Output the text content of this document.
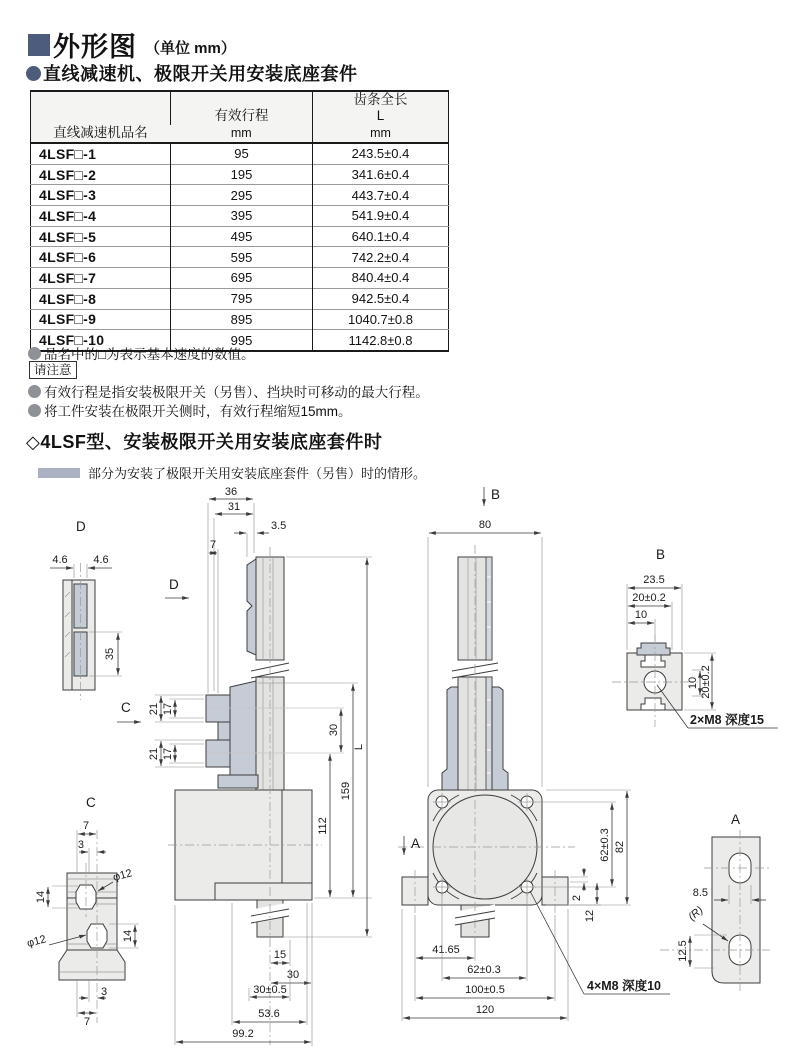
外形图 （单位 mm）
直线减速机、极限开关用安装底座套件
直线减速机品名	有效行程	齿条全长
L
	mm	mm
4LSF□-1	95	243.5±0.4
4LSF□-2	195	341.6±0.4
4LSF□-3	295	443.7±0.4
4LSF□-4	395	541.9±0.4
4LSF□-5	495	640.1±0.4
4LSF□-6	595	742.2±0.4
4LSF□-7	695	840.4±0.4
4LSF□-8	795	942.5±0.4
4LSF□-9	895	1040.7±0.8
4LSF□-10	995	1142.8±0.8
品名中的□为表示基本速度的数值。
请注意
有效行程是指安装极限开关（另售）、挡块时可移动的最大行程。
将工件安装在极限开关侧时，有效行程缩短15mm。
◇4LSF型、安装极限开关用安装底座套件时
部分为安装了极限开关用安装底座套件（另售）时的情形。
D
4.6 4.6
35
D
C
36
31
3.5
7
21 17
21 17
30
159
112
L
15
30
30±0.5
53.6
99.2
C
7
3
14
φ12
φ12	14
3
7
B
80
A	62±0.3 82
2
12
41.65
62±0.3
100±0.5
120
4×M8 深度10
B
23.5
20±0.2
10
10 20±0.2
2×M8 深度15
A
8.5
(R)
12.5
